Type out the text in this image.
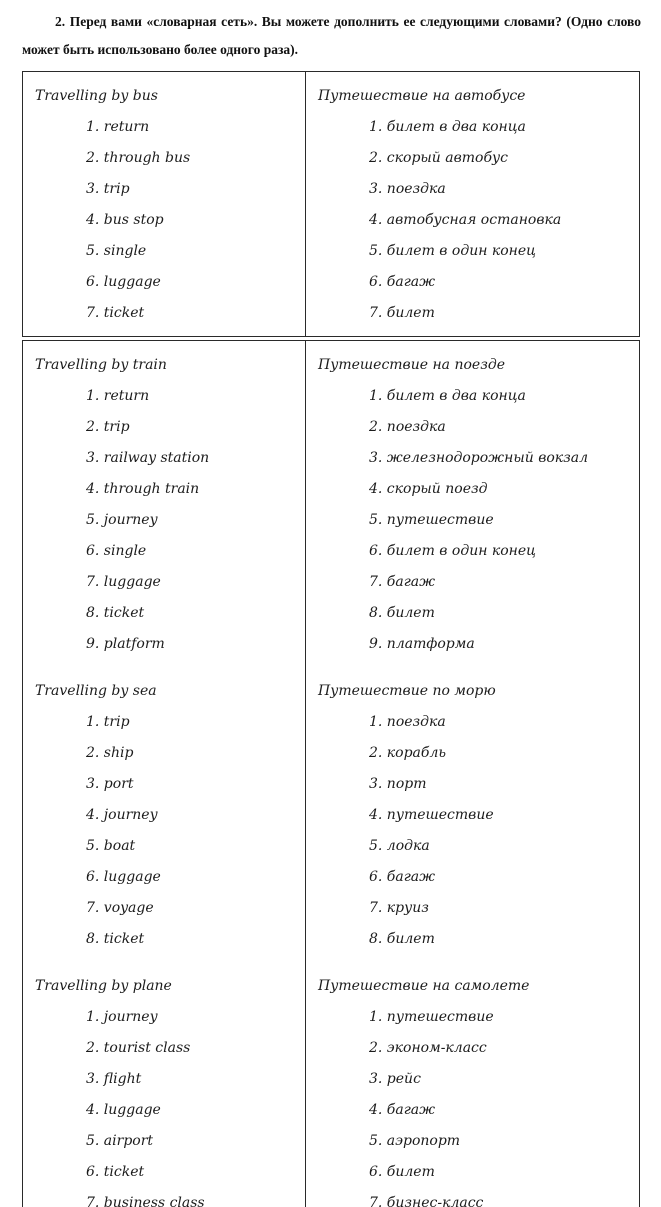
2. Перед вами «словарная сеть». Вы можете дополнить ее следующими словами? (Одно слово может быть использовано более одного раза).

Travelling by bus
1. return
2. through bus
3. trip
4. bus stop
5. single
6. luggage
7. ticket
Путешествие на автобусе
1. билет в два конца
2. скорый автобус
3. поездка
4. автобусная остановка
5. билет в один конец
6. багаж
7. билет
Travelling by train
1. return
2. trip
3. railway station
4. through train
5. journey
6. single
7. luggage
8. ticket
9. platform
Путешествие на поезде
1. билет в два конца
2. поездка
3. железнодорожный вокзал
4. скорый поезд
5. путешествие
6. билет в один конец
7. багаж
8. билет
9. платформа
Travelling by sea
1. trip
2. ship
3. port
4. journey
5. boat
6. luggage
7. voyage
8. ticket
Путешествие по морю
1. поездка
2. корабль
3. порт
4. путешествие
5. лодка
6. багаж
7. круиз
8. билет
Travelling by plane
1. journey
2. tourist class
3. flight
4. luggage
5. airport
6. ticket
7. business class
Путешествие на самолете
1. путешествие
2. эконом-класс
3. рейс
4. багаж
5. аэропорт
6. билет
7. бизнес-класс
